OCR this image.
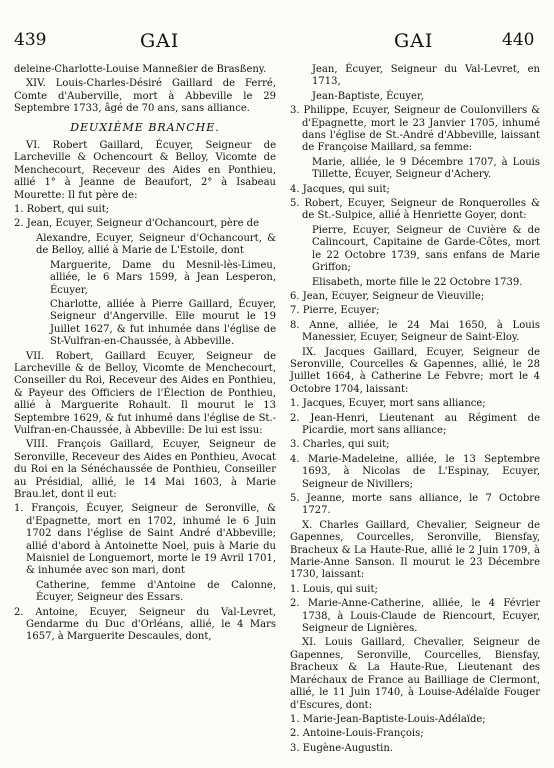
439	GAI	GAI	440

deleine-Charlotte-Louise Manneßier de Brasßeny.

XIV. Louis-Charles-Désiré Gaillard de Ferré, Comte d'Auberville, mort à Abbeville le 29 Septembre 1733, âgé de 70 ans, sans alliance.

DEUXIÈME BRANCHE.

VI. Robert Gaillard, Écuyer, Seigneur de Larcheville & Ochencourt & Belloy, Vicomte de Menchecourt, Receveur des Aides en Ponthieu, allié 1° à Jeanne de Beaufort, 2° à Isabeau Mourette: Il fut père de:

1. Robert, qui suit;

2. Jean, Ecuyer, Seigneur d'Ochancourt, père de

Alexandre, Ecuyer, Seigneur d'Ochancourt, & de Belloy, allié à Marie de L'Estoile, dont

Marguerite, Dame du Mesnil-lès-Limeu, alliée, le 6 Mars 1599, à Jean Lesperon, Écuyer,

Charlotte, alliée à Pierre Gaillard, Écuyer, Seigneur d'Angerville. Elle mourut le 19 Juillet 1627, & fut inhumée dans l'église de St-Vulfran-en-Chaussée, à Abbeville.

VII. Robert, Gaillard Ecuyer, Seigneur de Larcheville & de Belloy, Vicomte de Menchecourt, Conseiller du Roi, Receveur des Aides en Ponthieu, & Payeur des Officiers de l'Élection de Ponthieu, allié à Marguerite Rohault. Il mourut le 13 Septembre 1629, & fut inhumé dans l'église de St.-Vulfran-en-Chaussée, à Abbeville: De lui est issu:

VIII. François Gaillard, Ecuyer, Seigneur de Seronville, Receveur des Aides en Ponthieu, Avocat du Roi en la Sénéchaussée de Ponthieu, Conseiller au Présidial, allié, le 14 Mai 1603, à Marie Brau.let, dont il eut:

1. François, Écuyer, Seigneur de Seronville, & d'Epagnette, mort en 1702, inhumé le 6 Juin 1702 dans l'église de Saint André d'Abbeville; allié d'abord à Antoinette Noel, puis à Marie du Maisniel de Longuemort, morte le 19 Avril 1701, & inhumée avec son mari, dont

Catherine, femme d'Antoine de Calonne, Écuyer, Seigneur des Essars.

2. Antoine, Ecuyer, Seigneur du Val-Levret, Gendarme du Duc d'Orléans, allié, le 4 Mars 1657, à Marguerite Descaules, dont,

Jean, Écuyer, Seigneur du Val-Levret, en 1713,

Jean-Baptiste, Écuyer,

3. Philippe, Ecuyer, Seigneur de Coulonvillers & d'Epagnette, mort le 23 Janvier 1705, inhumé dans l'église de St.-André d'Abbeville, laissant de Françoise Maillard, sa femme:

Marie, alliée, le 9 Décembre 1707, à Louis Tillette, Écuyer, Seigneur d'Achery.

4. Jacques, qui suit;

5. Robert, Ecuyer, Seigneur de Ronquerolles & de St.-Sulpice, allié à Henriette Goyer, dont:

Pierre, Ecuyer, Seigneur de Cuvière & de Calincourt, Capitaine de Garde-Côtes, mort le 22 Octobre 1739, sans enfans de Marie Griffon;

Elisabeth, morte fille le 22 Octobre 1739.

6. Jean, Ecuyer, Seigneur de Vieuville;

7. Pierre, Ecuyer;

8. Anne, alliée, le 24 Mai 1650, à Louis Manessier, Ecuyer, Seigneur de Saint-Eloy.

IX. Jacques Gaillard, Ecuyer, Seigneur de Seronville, Courcelles & Gapennes, allié, le 28 Juillet 1664, à Catherine Le Febvre; mort le 4 Octobre 1704, laissant:

1. Jacques, Ecuyer, mort sans alliance;

2. Jean-Henri, Lieutenant au Régiment de Picardie, mort sans alliance;

3. Charles, qui suit;

4. Marie-Madeleine, alliée, le 13 Septembre 1693, à Nicolas de L'Espinay, Ecuyer, Seigneur de Nivillers;

5. Jeanne, morte sans alliance, le 7 Octobre 1727.

X. Charles Gaillard, Chevalier, Seigneur de Gapennes, Courcelles, Seronville, Biensfay, Bracheux & La Haute-Rue, allié le 2 Juin 1709, à Marie-Anne Sanson. Il mourut le 23 Décembre 1730, laissant:

1. Louis, qui suit;

2. Marie-Anne-Catherine, alliée, le 4 Février 1738, à Louis-Claude de Riencourt, Ecuyer, Seigneur de Lignières.

XI. Louis Gaillard, Chevalier, Seigneur de Gapennes, Seronville, Courcelles, Biensfay, Bracheux & La Haute-Rue, Lieutenant des Maréchaux de France au Bailliage de Clermont, allié, le 11 Juin 1740, à Louise-Adélaïde Fouger d'Escures, dont:

1. Marie-Jean-Baptiste-Louis-Adélaïde;

2. Antoine-Louis-François;

3. Eugène-Augustin.
